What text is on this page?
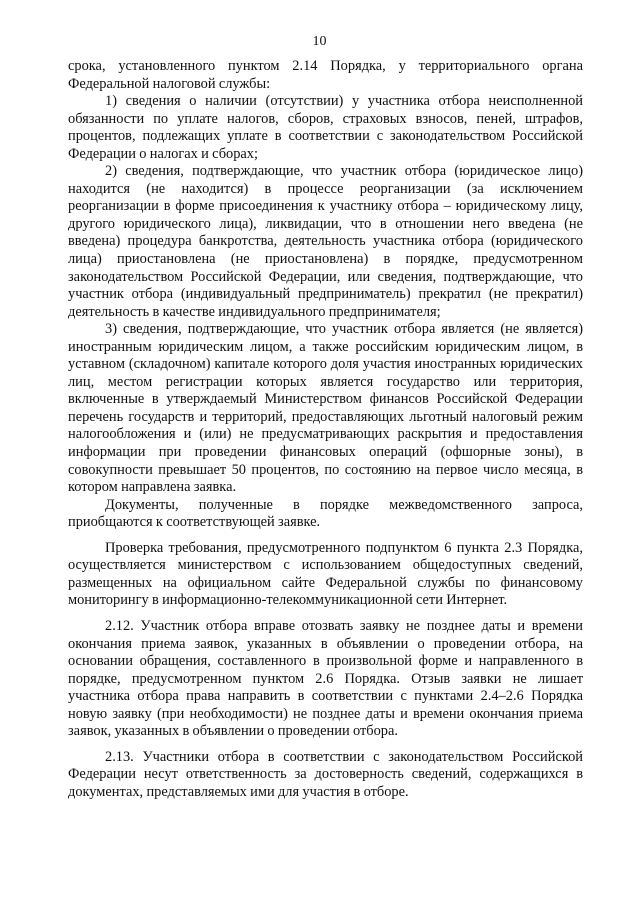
10

срока, установленного пунктом 2.14 Порядка, у территориального органа Федеральной налоговой службы:

1) сведения о наличии (отсутствии) у участника отбора неисполненной обязанности по уплате налогов, сборов, страховых взносов, пеней, штрафов, процентов, подлежащих уплате в соответствии с законодательством Российской Федерации о налогах и сборах;

2) сведения, подтверждающие, что участник отбора (юридическое лицо) находится (не находится) в процессе реорганизации (за исключением реорганизации в форме присоединения к участнику отбора – юридическому лицу, другого юридического лица), ликвидации, что в отношении него введена (не введена) процедура банкротства, деятельность участника отбора (юридического лица) приостановлена (не приостановлена) в порядке, предусмотренном законодательством Российской Федерации, или сведения, подтверждающие, что участник отбора (индивидуальный предприниматель) прекратил (не прекратил) деятельность в качестве индивидуального предпринимателя;

3) сведения, подтверждающие, что участник отбора является (не является) иностранным юридическим лицом, а также российским юридическим лицом, в уставном (складочном) капитале которого доля участия иностранных юридических лиц, местом регистрации которых является государство или территория, включенные в утверждаемый Министерством финансов Российской Федерации перечень государств и территорий, предоставляющих льготный налоговый режим налогообложения и (или) не предусматривающих раскрытия и предоставления информации при проведении финансовых операций (офшорные зоны), в совокупности превышает 50 процентов, по состоянию на первое число месяца, в котором направлена заявка.

Документы, полученные в порядке межведомственного запроса, приобщаются к соответствующей заявке.

Проверка требования, предусмотренного подпунктом 6 пункта 2.3 Порядка, осуществляется министерством с использованием общедоступных сведений, размещенных на официальном сайте Федеральной службы по финансовому мониторингу в информационно-телекоммуникационной сети Интернет.

2.12. Участник отбора вправе отозвать заявку не позднее даты и времени окончания приема заявок, указанных в объявлении о проведении отбора, на основании обращения, составленного в произвольной форме и направленного в порядке, предусмотренном пунктом 2.6 Порядка. Отзыв заявки не лишает участника отбора права направить в соответствии с пунктами 2.4–2.6 Порядка новую заявку (при необходимости) не позднее даты и времени окончания приема заявок, указанных в объявлении о проведении отбора.

2.13. Участники отбора в соответствии с законодательством Российской Федерации несут ответственность за достоверность сведений, содержащихся в документах, представляемых ими для участия в отборе.
